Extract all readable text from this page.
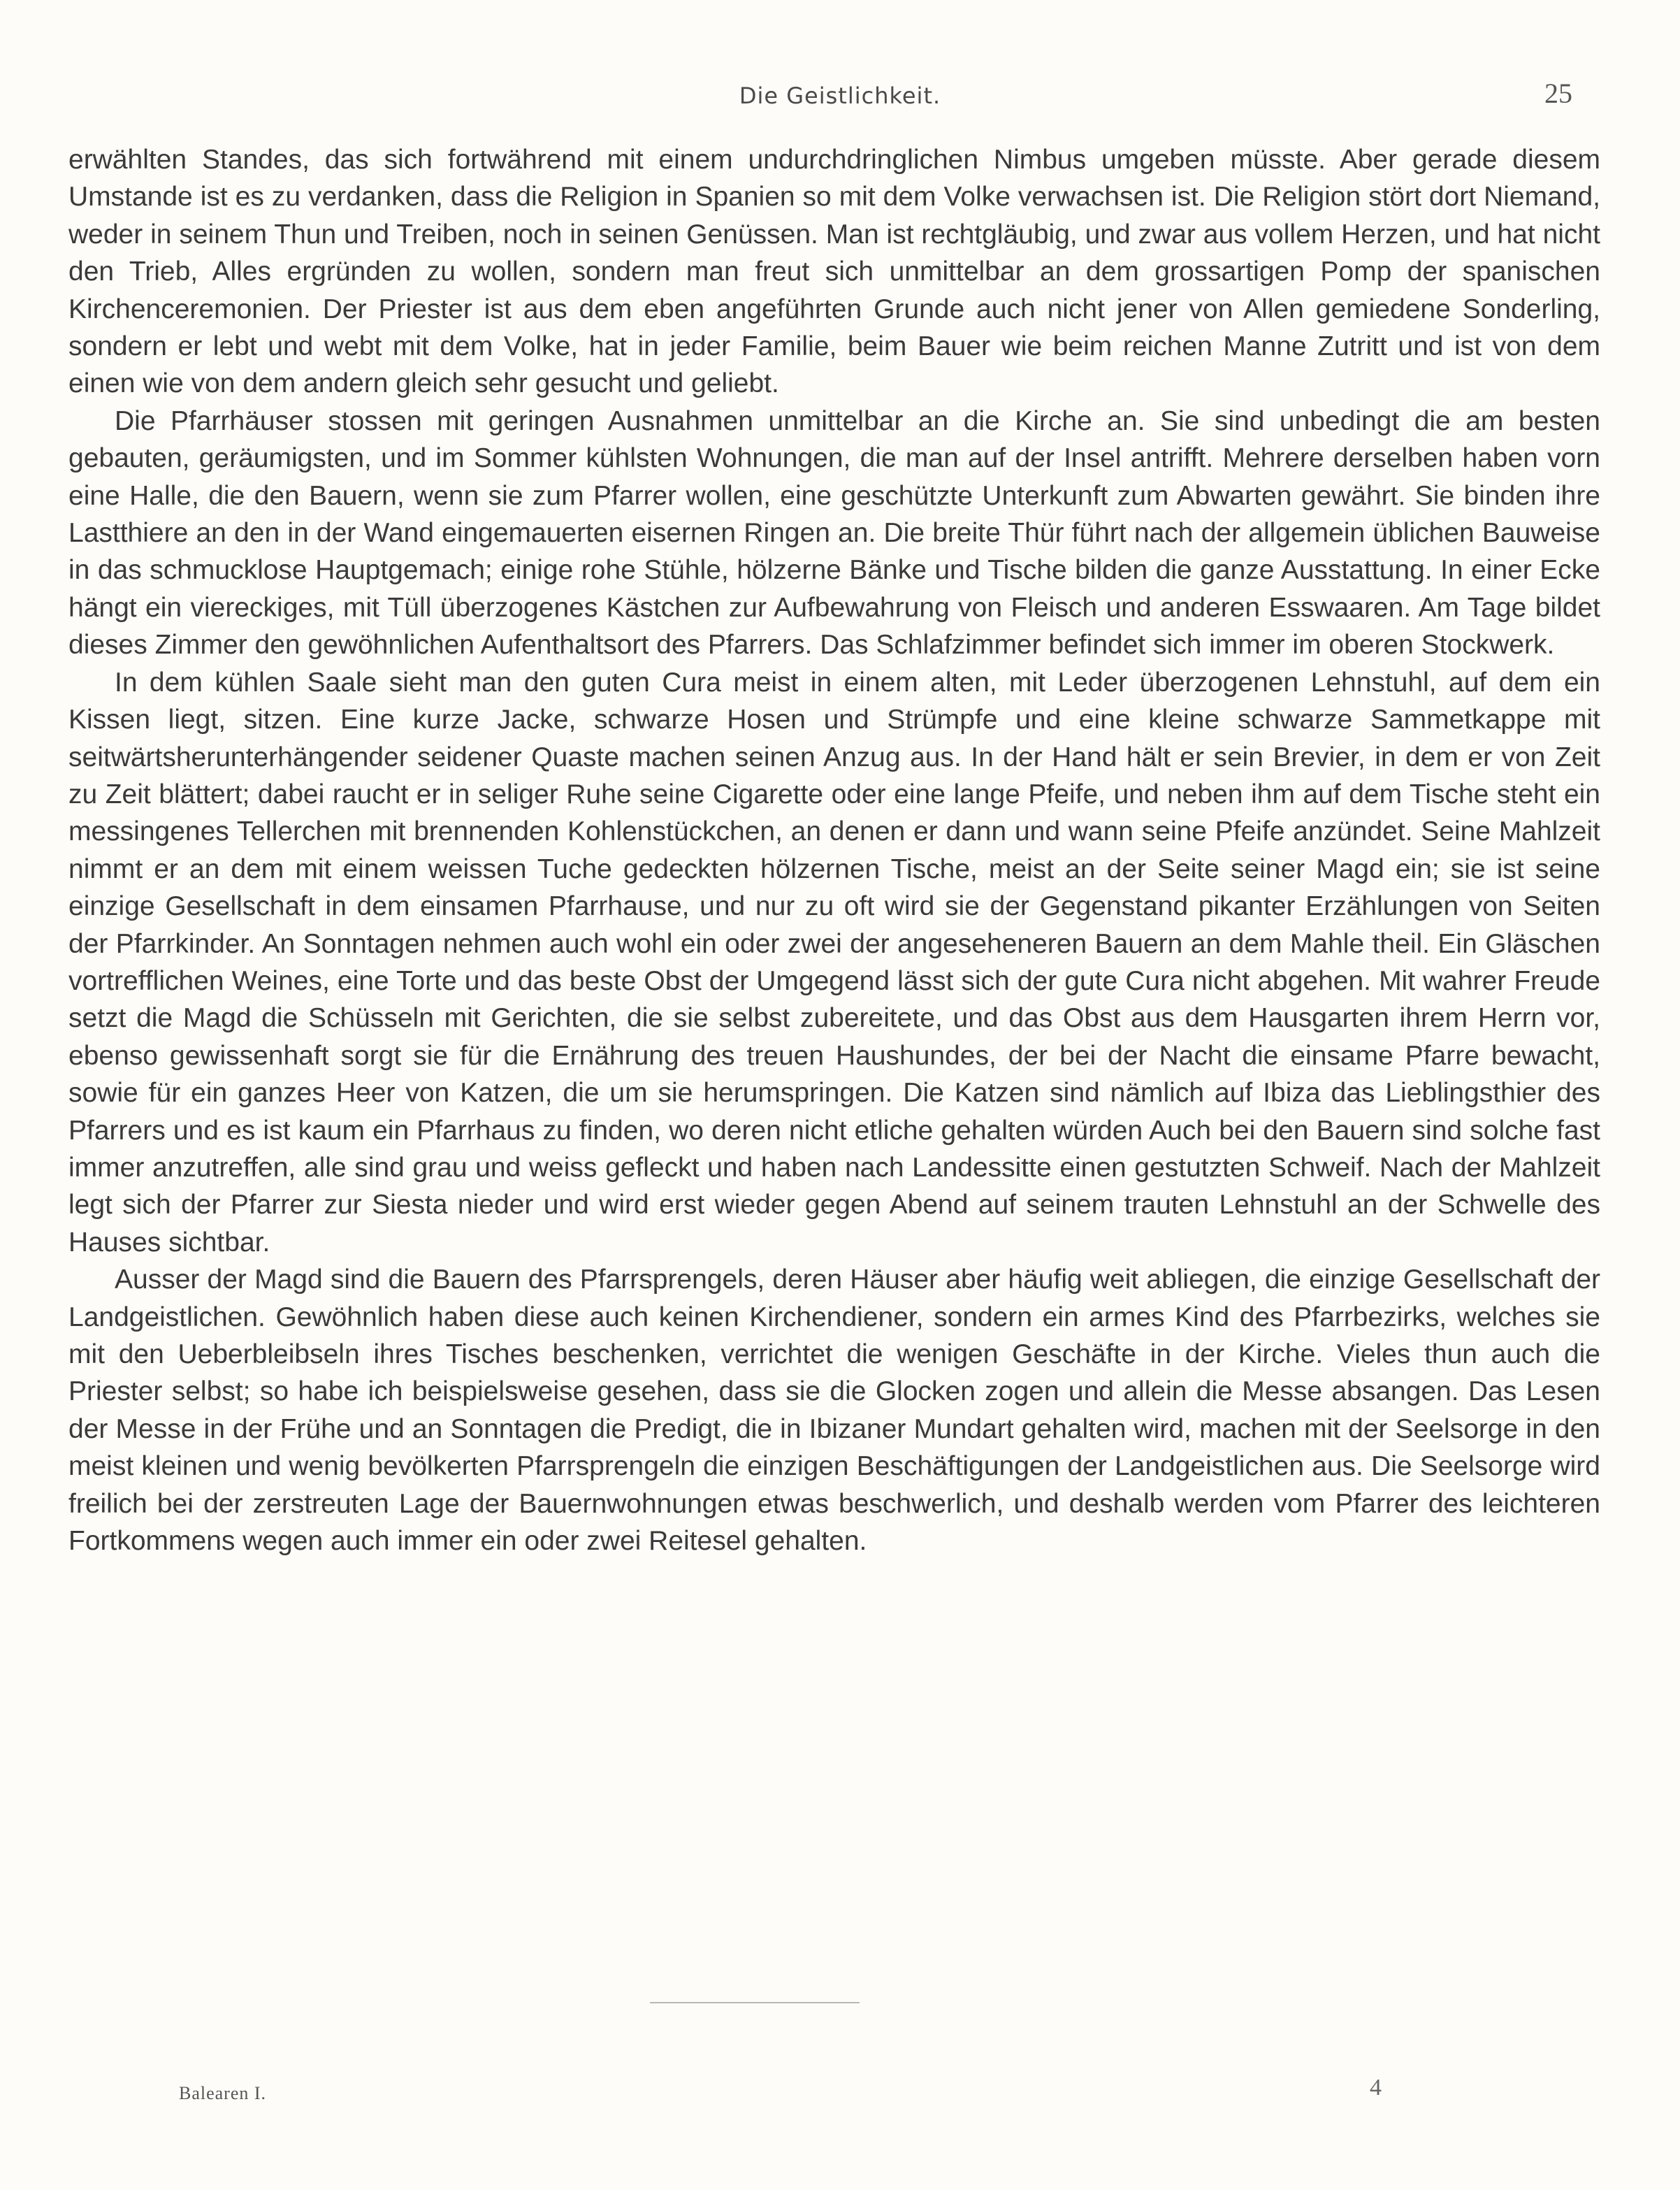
Die Geistlichkeit.	25

erwählten Standes, das sich fortwährend mit einem undurchdringlichen Nimbus umgeben müsste. Aber gerade diesem Umstande ist es zu verdanken, dass die Religion in Spanien so mit dem Volke verwachsen ist. Die Religion stört dort Niemand, weder in seinem Thun und Treiben, noch in seinen Genüssen. Man ist rechtgläubig, und zwar aus vollem Herzen, und hat nicht den Trieb, Alles ergründen zu wollen, sondern man freut sich unmittelbar an dem grossartigen Pomp der spanischen Kirchenceremonien. Der Priester ist aus dem eben angeführten Grunde auch nicht jener von Allen gemiedene Sonderling, sondern er lebt und webt mit dem Volke, hat in jeder Familie, beim Bauer wie beim reichen Manne Zutritt und ist von dem einen wie von dem andern gleich sehr gesucht und geliebt.

Die Pfarrhäuser stossen mit geringen Ausnahmen unmittelbar an die Kirche an. Sie sind unbedingt die am besten gebauten, geräumigsten, und im Sommer kühlsten Wohnungen, die man auf der Insel antrifft. Mehrere derselben haben vorn eine Halle, die den Bauern, wenn sie zum Pfarrer wollen, eine geschützte Unterkunft zum Abwarten gewährt. Sie binden ihre Lastthiere an den in der Wand eingemauerten eisernen Ringen an. Die breite Thür führt nach der allgemein üblichen Bauweise in das schmucklose Hauptgemach; einige rohe Stühle, hölzerne Bänke und Tische bilden die ganze Ausstattung. In einer Ecke hängt ein viereckiges, mit Tüll überzogenes Kästchen zur Aufbewahrung von Fleisch und anderen Esswaaren. Am Tage bildet dieses Zimmer den gewöhnlichen Aufenthaltsort des Pfarrers. Das Schlafzimmer befindet sich immer im oberen Stockwerk.

In dem kühlen Saale sieht man den guten Cura meist in einem alten, mit Leder überzogenen Lehnstuhl, auf dem ein Kissen liegt, sitzen. Eine kurze Jacke, schwarze Hosen und Strümpfe und eine kleine schwarze Sammetkappe mit seitwärtsherunterhängender seidener Quaste machen seinen Anzug aus. In der Hand hält er sein Brevier, in dem er von Zeit zu Zeit blättert; dabei raucht er in seliger Ruhe seine Cigarette oder eine lange Pfeife, und neben ihm auf dem Tische steht ein messingenes Tellerchen mit brennenden Kohlenstückchen, an denen er dann und wann seine Pfeife anzündet. Seine Mahlzeit nimmt er an dem mit einem weissen Tuche gedeckten hölzernen Tische, meist an der Seite seiner Magd ein; sie ist seine einzige Gesellschaft in dem einsamen Pfarrhause, und nur zu oft wird sie der Gegenstand pikanter Erzählungen von Seiten der Pfarrkinder. An Sonntagen nehmen auch wohl ein oder zwei der angeseheneren Bauern an dem Mahle theil. Ein Gläschen vortrefflichen Weines, eine Torte und das beste Obst der Umgegend lässt sich der gute Cura nicht abgehen. Mit wahrer Freude setzt die Magd die Schüsseln mit Gerichten, die sie selbst zubereitete, und das Obst aus dem Hausgarten ihrem Herrn vor, ebenso gewissenhaft sorgt sie für die Ernährung des treuen Haushundes, der bei der Nacht die einsame Pfarre bewacht, sowie für ein ganzes Heer von Katzen, die um sie herumspringen. Die Katzen sind nämlich auf Ibiza das Lieblingsthier des Pfarrers und es ist kaum ein Pfarrhaus zu finden, wo deren nicht etliche gehalten würden Auch bei den Bauern sind solche fast immer anzutreffen, alle sind grau und weiss gefleckt und haben nach Landessitte einen gestutzten Schweif. Nach der Mahlzeit legt sich der Pfarrer zur Siesta nieder und wird erst wieder gegen Abend auf seinem trauten Lehnstuhl an der Schwelle des Hauses sichtbar.

Ausser der Magd sind die Bauern des Pfarrsprengels, deren Häuser aber häufig weit abliegen, die einzige Gesellschaft der Landgeistlichen. Gewöhnlich haben diese auch keinen Kirchendiener, sondern ein armes Kind des Pfarrbezirks, welches sie mit den Ueberbleibseln ihres Tisches beschenken, verrichtet die wenigen Geschäfte in der Kirche. Vieles thun auch die Priester selbst; so habe ich beispielsweise gesehen, dass sie die Glocken zogen und allein die Messe absangen. Das Lesen der Messe in der Frühe und an Sonntagen die Predigt, die in Ibizaner Mundart gehalten wird, machen mit der Seelsorge in den meist kleinen und wenig bevölkerten Pfarrsprengeln die einzigen Beschäftigungen der Landgeistlichen aus. Die Seelsorge wird freilich bei der zerstreuten Lage der Bauernwohnungen etwas beschwerlich, und deshalb werden vom Pfarrer des leichteren Fortkommens wegen auch immer ein oder zwei Reitesel gehalten.

Balearen I.	4
